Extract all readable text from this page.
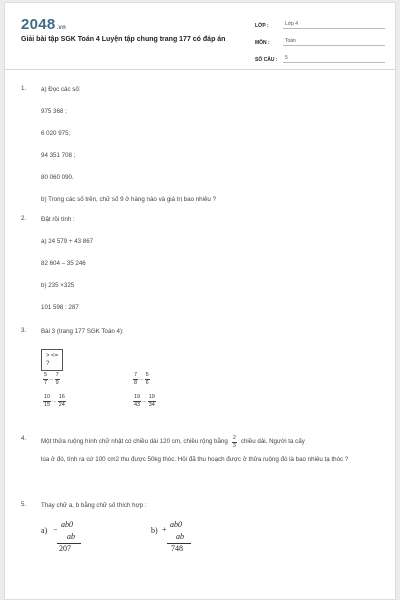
2048.vn
Giải bài tập SGK Toán 4 Luyện tập chung trang 177 có đáp án
LỚP :	Lớp 4
MÔN :	Toán
SỐ CÂU :	5
1. a) Đọc các số:
975 368 ;
6 020 975;
94 351 708 ;
80 060 090.
b) Trong các số trên, chữ số 9 ở hàng nào và giá trị bao nhiêu ?
2. Đặt rồi tính :
a) 24 579 + 43 867
82 604 – 35 246
b) 235 ×325
101 598 : 287
3. Bài 3 (trang 177 SGK Toán 4):
> <=
?
$\frac{5}{7}$ ... $\frac{7}{9}$
$\frac{10}{15}$ ... $\frac{16}{24}$
$\frac{7}{8}$ ... $\frac{5}{6}$
$\frac{19}{43}$ ... $\frac{19}{34}$
4. Một thửa ruộng hình chữ nhật có chiều dài 120 cm, chiều rộng bằng $\frac{2}{3}$ chiều dài. Người ta cấy
lúa ở đó, tính ra cứ 100 cm2 thu được 50kg thóc. Hỏi đã thu hoạch được ở thửa ruộng đó là bao nhiêu tạ thóc ?
5. Thay chữ a, b bằng chữ số thích hợp :
a) −
ab0
ab
207
b) +
ab0
ab
748
